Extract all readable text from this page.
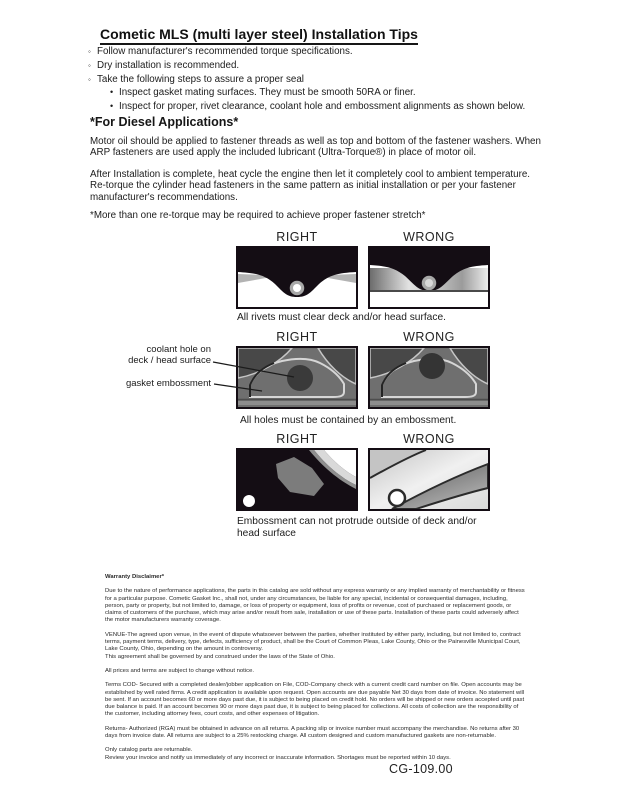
Cometic MLS (multi layer steel) Installation Tips
◦ Follow manufacturer's recommended torque specifications.
◦ Dry installation is recommended.
◦ Take the following steps to assure a proper seal
• Inspect gasket mating surfaces. They must be smooth 50RA or finer.
• Inspect for proper, rivet clearance, coolant hole and embossment alignments as shown below.
*For Diesel Applications*
Motor oil should be applied to fastener threads as well as top and bottom of the fastener washers. When ARP fasteners are used apply the included lubricant (Ultra-Torque®) in place of motor oil.
After Installation is complete, heat cycle the engine then let it completely cool to ambient temperature. Re-torque the cylinder head fasteners in the same pattern as initial installation or per your fastener manufacturer's recommendations.
*More than one re-torque may be required to achieve proper fastener stretch*
RIGHT	WRONG
All rivets must clear deck and/or head surface.
RIGHT	WRONG
coolant hole on
deck / head surface
gasket embossment
All holes must be contained by an embossment.
RIGHT	WRONG
Embossment can not protrude outside of deck and/or head surface
Warranty Disclaimer*

Due to the nature of performance applications, the parts in this catalog are sold without any express warranty or any implied warranty of merchantability or fitness for a particular purpose. Cometic Gasket Inc., shall not, under any circumstances, be liable for any special, incidental or consequential damages, including, person, party or property, but not limited to, damage, or loss of property or equipment, loss of profits or revenue, cost of purchased or replacement goods, or claims of customers of the purchase, which may arise and/or result from sale, installation or use of these parts. Installation of these parts could adversely affect the motor manufacturers warranty coverage.

VENUE-The agreed upon venue, in the event of dispute whatsoever between the parties, whether instituted by either party, including, but not limited to, contract terms, payment terms, delivery, type, defects, sufficiency of product, shall be the Court of Common Pleas, Lake County, Ohio or the Painesville Municipal Court, Lake County, Ohio, depending on the amount in controversy.

This agreement shall be governed by and construed under the laws of the State of Ohio.

All prices and terms are subject to change without notice.

Terms COD- Secured with a completed dealer/jobber application on File, COD-Company check with a current credit card number on file. Open accounts may be established by well rated firms. A credit application is available upon request. Open accounts are due payable Net 30 days from date of invoice. No statement will be sent. If an account becomes 60 or more days past due, it is subject to being placed on credit hold. No orders will be shipped or new orders accepted until past due balance is paid. If an account becomes 90 or more days past due, it is subject to being placed for collections. All costs of collection are the responsibility of the customer, including attorney fees, court costs, and other expenses of litigation.

Returns- Authorized (RGA) must be obtained in advance on all returns. A packing slip or invoice number must accompany the merchandise. No returns after 30 days from invoice date. All returns are subject to a 25% restocking charge. All custom designed and custom manufactured gaskets are non-returnable.

Only catalog parts are returnable.

Review your invoice and notify us immediately of any incorrect or inaccurate information. Shortages must be reported within 10 days.

CG-109.00
